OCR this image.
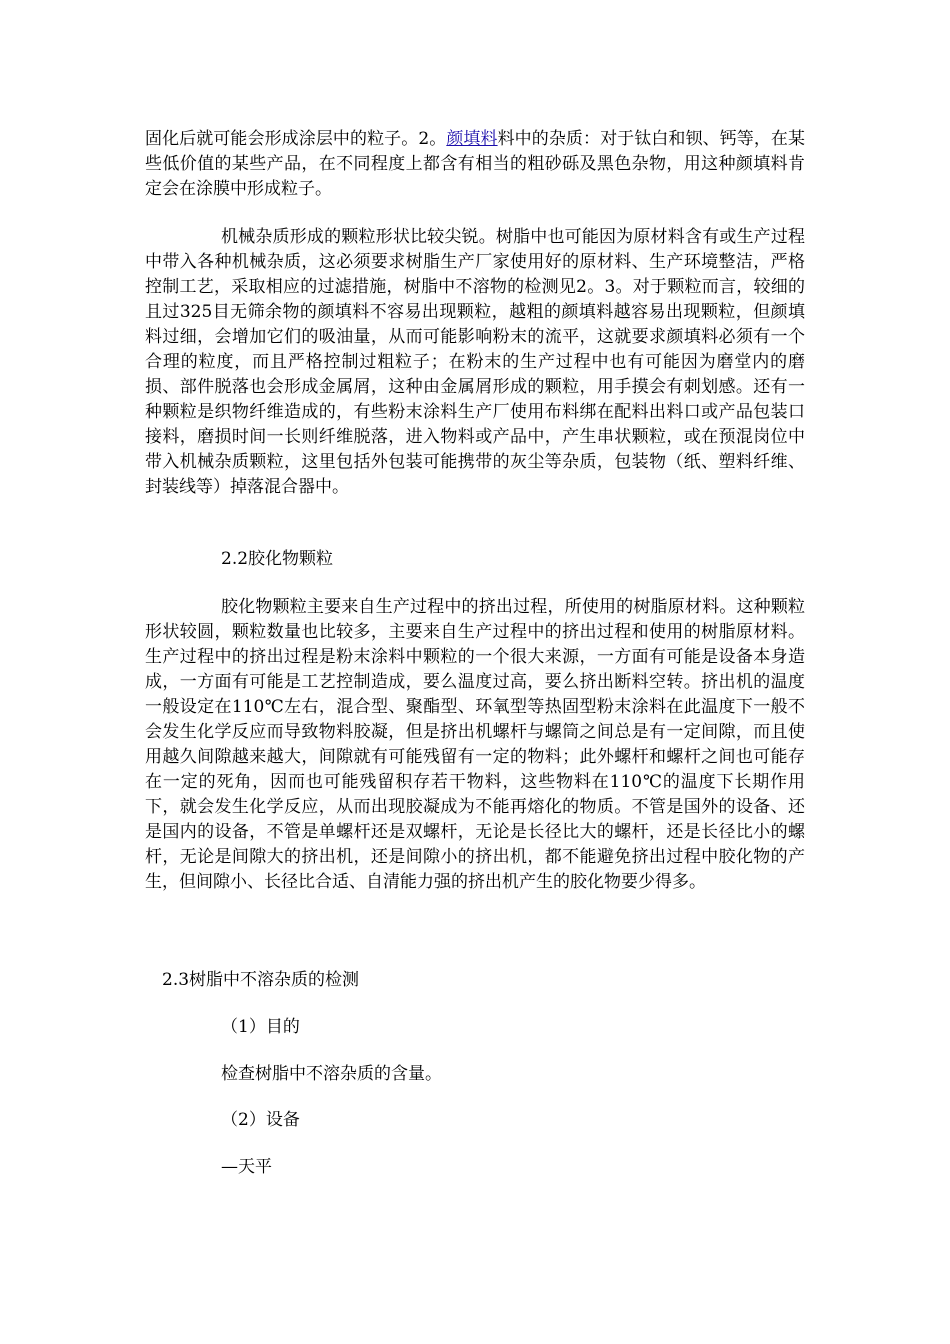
固化后就可能会形成涂层中的粒子。2。颜填料料中的杂质：对于钛白和钡、钙等，在某些低价值的某些产品，在不同程度上都含有相当的粗砂砾及黑色杂物，用这种颜填料肯定会在涂膜中形成粒子。

机械杂质形成的颗粒形状比较尖锐。树脂中也可能因为原材料含有或生产过程中带入各种机械杂质，这必须要求树脂生产厂家使用好的原材料、生产环境整洁，严格控制工艺，采取相应的过滤措施，树脂中不溶物的检测见2。3。对于颗粒而言，较细的且过325目无筛余物的颜填料不容易出现颗粒，越粗的颜填料越容易出现颗粒，但颜填料过细，会增加它们的吸油量，从而可能影响粉末的流平，这就要求颜填料必须有一个合理的粒度，而且严格控制过粗粒子；在粉末的生产过程中也有可能因为磨堂内的磨损、部件脱落也会形成金属屑，这种由金属屑形成的颗粒，用手摸会有刺划感。还有一种颗粒是织物纤维造成的，有些粉末涂料生产厂使用布料绑在配料出料口或产品包装口接料，磨损时间一长则纤维脱落，进入物料或产品中，产生串状颗粒，或在预混岗位中带入机械杂质颗粒，这里包括外包装可能携带的灰尘等杂质，包装物（纸、塑料纤维、封装线等）掉落混合器中。

2.2胶化物颗粒

胶化物颗粒主要来自生产过程中的挤出过程，所使用的树脂原材料。这种颗粒形状较圆，颗粒数量也比较多，主要来自生产过程中的挤出过程和使用的树脂原材料。生产过程中的挤出过程是粉末涂料中颗粒的一个很大来源，一方面有可能是设备本身造成，一方面有可能是工艺控制造成，要么温度过高，要么挤出断料空转。挤出机的温度一般设定在110℃左右，混合型、聚酯型、环氧型等热固型粉末涂料在此温度下一般不会发生化学反应而导致物料胶凝，但是挤出机螺杆与螺筒之间总是有一定间隙，而且使用越久间隙越来越大，间隙就有可能残留有一定的物料；此外螺杆和螺杆之间也可能存在一定的死角，因而也可能残留积存若干物料，这些物料在110℃的温度下长期作用下，就会发生化学反应，从而出现胶凝成为不能再熔化的物质。不管是国外的设备、还是国内的设备，不管是单螺杆还是双螺杆，无论是长径比大的螺杆，还是长径比小的螺杆，无论是间隙大的挤出机，还是间隙小的挤出机，都不能避免挤出过程中胶化物的产生，但间隙小、长径比合适、自清能力强的挤出机产生的胶化物要少得多。

2.3树脂中不溶杂质的检测

（1）目的

检查树脂中不溶杂质的含量。

（2）设备

—天平
